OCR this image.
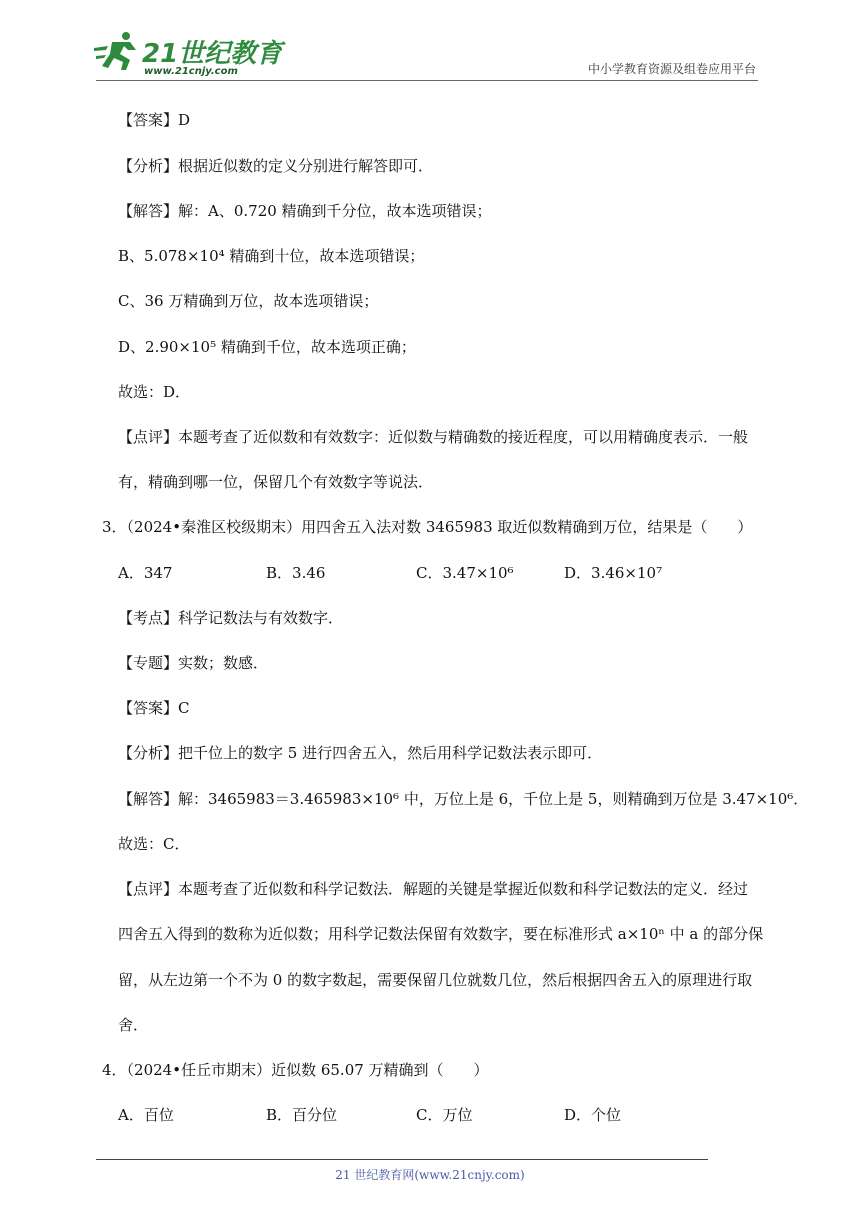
21世纪教育
www.21cnjy.com	中小学教育资源及组卷应用平台
【答案】D
【分析】根据近似数的定义分别进行解答即可．
【解答】解：A、0.720 精确到千分位，故本选项错误；
B、5.078×10⁴ 精确到十位，故本选项错误；
C、36 万精确到万位，故本选项错误；
D、2.90×10⁵ 精确到千位，故本选项正确；
故选：D．
【点评】本题考查了近似数和有效数字：近似数与精确数的接近程度，可以用精确度表示．一般
有，精确到哪一位，保留几个有效数字等说法．
3．（2024•秦淮区校级期末）用四舍五入法对数 3465983 取近似数精确到万位，结果是（　　）
A．347	B．3.46	C．3.47×10⁶	D．3.46×10⁷
【考点】科学记数法与有效数字．
【专题】实数；数感．
【答案】C
【分析】把千位上的数字 5 进行四舍五入，然后用科学记数法表示即可．
【解答】解：3465983＝3.465983×10⁶ 中，万位上是 6，千位上是 5，则精确到万位是 3.47×10⁶．
故选：C．
【点评】本题考查了近似数和科学记数法．解题的关键是掌握近似数和科学记数法的定义．经过
四舍五入得到的数称为近似数；用科学记数法保留有效数字，要在标准形式 a×10ⁿ 中 a 的部分保
留，从左边第一个不为 0 的数字数起，需要保留几位就数几位，然后根据四舍五入的原理进行取
舍．
4．（2024•任丘市期末）近似数 65.07 万精确到（　　）
A．百位	B．百分位	C．万位	D．个位
21 世纪教育网(www.21cnjy.com)
